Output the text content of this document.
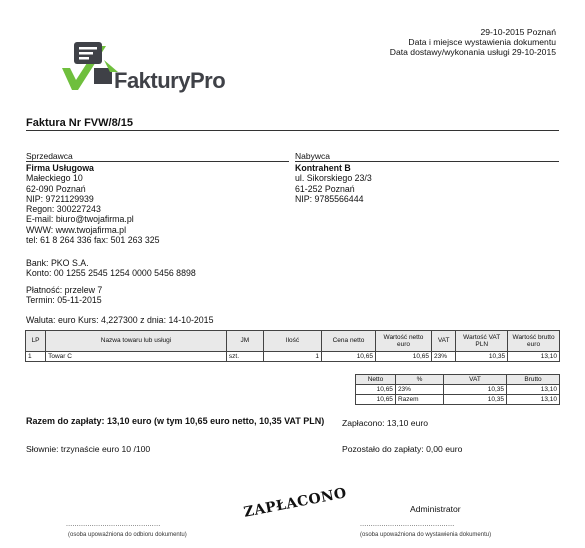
29-10-2015 Poznań
Data i miejsce wystawienia dokumentu
Data dostawy/wykonania usługi 29-10-2015
FakturyPro
Faktura Nr FVW/8/15
Sprzedawca
Firma Usługowa
Małeckiego 10
62-090 Poznań
NIP: 9721129939
Regon: 300227243
E-mail: biuro@twojafirma.pl
WWW: www.twojafirma.pl
tel: 61 8 264 336 fax: 501 263 325
Bank: PKO S.A.
Konto: 00 1255 2545 1254 0000 5456 8898
Płatność: przelew 7
Termin: 05-11-2015
Waluta: euro Kurs: 4,227300 z dnia: 14-10-2015
Nabywca
Kontrahent B
ul. Sikorskiego 23/3
61-252 Poznań
NIP: 9785566444
LP	Nazwa towaru lub usługi	JM	Ilość	Cena netto	Wartość netto euro	VAT	Wartość VAT PLN	Wartość brutto euro
1	Towar C	szt.	1	10,65	10,65	23%	10,35	13,10
Netto	%	VAT	Brutto
10,65	23%	10,35	13,10
10,65	Razem	10,35	13,10
Razem do zapłaty: 13,10 euro (w tym 10,65 euro netto, 10,35 VAT PLN)
Słownie: trzynaście euro 10 /100
Zapłacono: 13,10 euro
Pozostało do zapłaty: 0,00 euro
Administrator
ZAPŁACONO
............................................
(osoba upoważniona do odbioru dokumentu)
............................................
(osoba upoważniona do wystawienia dokumentu)
